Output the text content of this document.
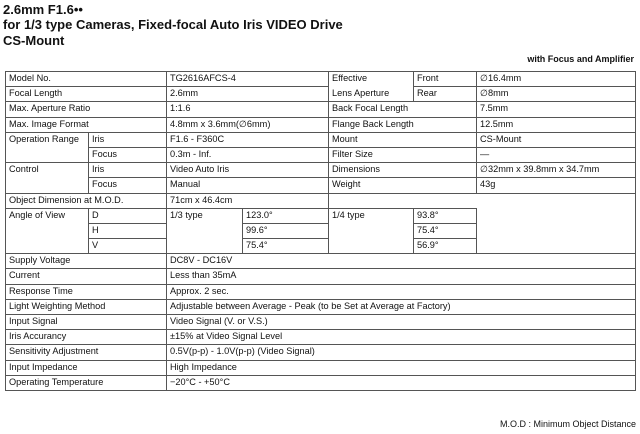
2.6mm F1.6••
for 1/3 type Cameras, Fixed-focal Auto Iris VIDEO Drive
CS-Mount
with Focus and Amplifier
Model No.		TG2616AFCS-4		Effective	Front	∅16.4mm
Focal Length		2.6mm		Lens Aperture	Rear	∅8mm
Max. Aperture Ratio		1:1.6		Back Focal Length		7.5mm
Max. Image Format		4.8mm x 3.6mm(∅6mm)		Flange Back Length		12.5mm
Operation Range	Iris	F1.6 - F360C		Mount		CS-Mount
	Focus	0.3m - Inf.		Filter Size		—
Control	Iris	Video Auto Iris		Dimensions		∅32mm x 39.8mm x 34.7mm
	Focus	Manual		Weight		43g
Object Dimension at M.O.D.		71cm x 46.4cm				
Angle of View	D	1/3 type	123.0°	1/4 type	93.8°	
	H		99.6°		75.4°	
	V		75.4°		56.9°	
Supply Voltage		DC8V - DC16V				
Current		Less than 35mA				
Response Time		Approx. 2 sec.				
Light Weighting Method		Adjustable between Average - Peak (to be Set at Average at Factory)				
Input Signal		Video Signal (V. or V.S.)				
Iris Accurancy		±15% at Video Signal Level				
Sensitivity Adjustment		0.5V(p-p) - 1.0V(p-p) (Video Signal)				
Input Impedance		High Impedance				
Operating Temperature		−20°C - +50°C				
M.O.D : Minimum Object Distance
